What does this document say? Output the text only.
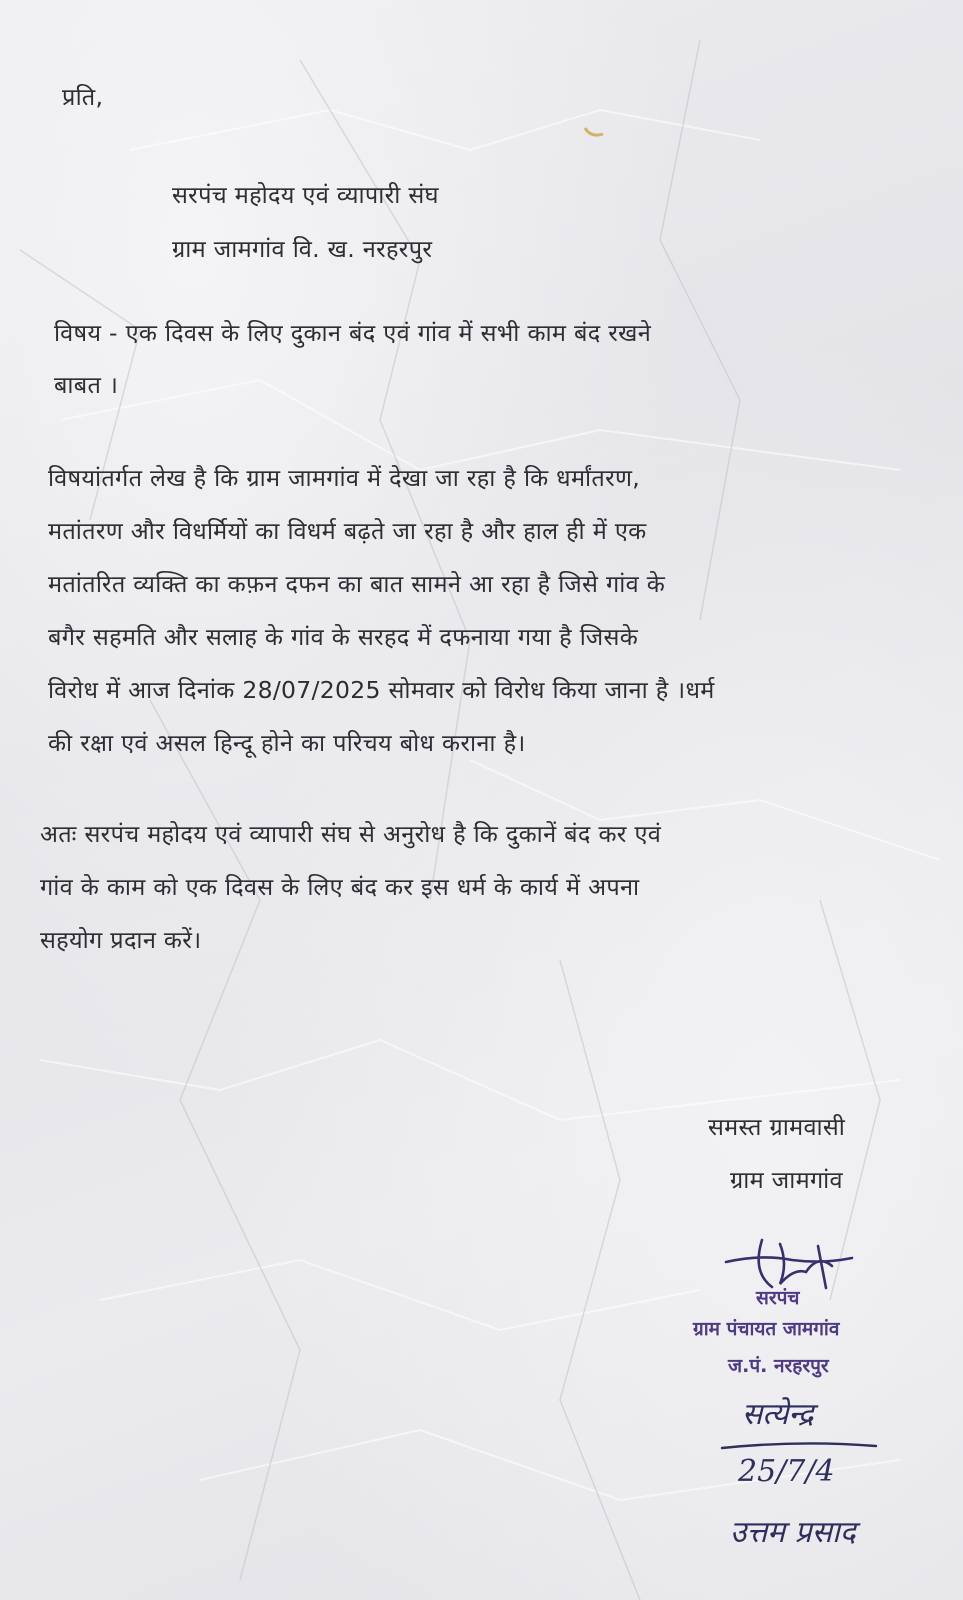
प्रति,
सरपंच महोदय एवं व्यापारी संघ
ग्राम जामगांव वि. ख. नरहरपुर
विषय - एक दिवस के लिए दुकान बंद एवं गांव में सभी काम बंद रखने
बाबत ।
विषयांतर्गत लेख है कि ग्राम जामगांव में देखा जा रहा है कि धर्मांतरण,
मतांतरण और विधर्मियों का विधर्म बढ़ते जा रहा है और हाल ही में एक
मतांतरित व्यक्ति का कफ़न दफन का बात सामने आ रहा है जिसे गांव के
बगैर सहमति और सलाह के गांव के सरहद में दफनाया गया है जिसके
विरोध में आज दिनांक 28/07/2025 सोमवार को विरोध किया जाना है ।धर्म
की रक्षा एवं असल हिन्दू होने का परिचय बोध कराना है।
अतः सरपंच महोदय एवं व्यापारी संघ से अनुरोध है कि दुकानें बंद कर एवं
गांव के काम को एक दिवस के लिए बंद कर इस धर्म के कार्य में अपना
सहयोग प्रदान करें।
समस्त ग्रामवासी
ग्राम जामगांव
सरपंच
ग्राम पंचायत जामगांव
ज.पं. नरहरपुर
सत्येन्द्र
25/7/4
उत्तम प्रसाद
